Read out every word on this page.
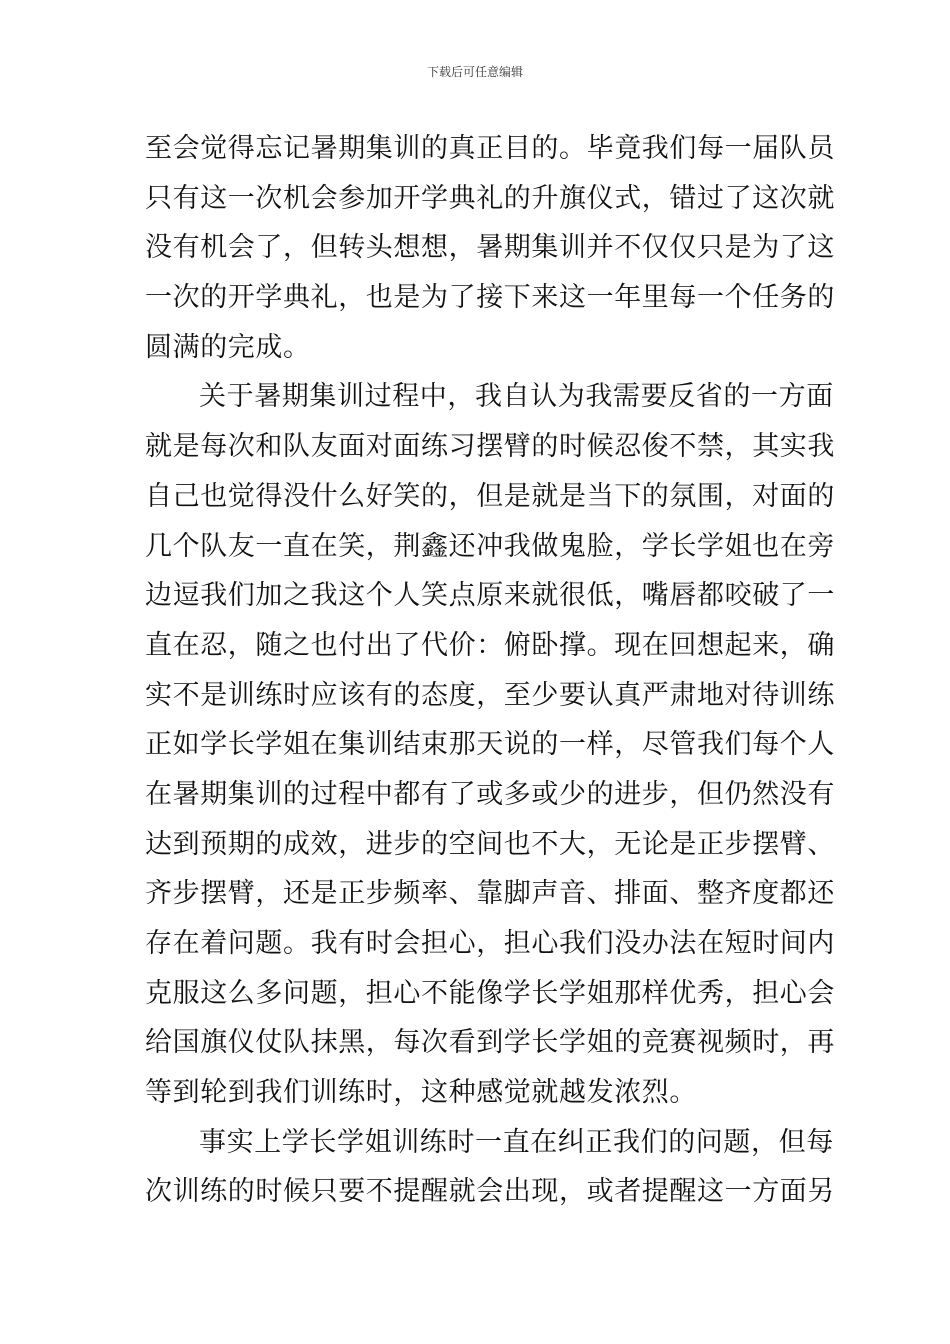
下载后可任意编辑
至会觉得忘记暑期集训的真正目的。毕竟我们每一届队员
只有这一次机会参加开学典礼的升旗仪式，错过了这次就
没有机会了，但转头想想，暑期集训并不仅仅只是为了这
一次的开学典礼，也是为了接下来这一年里每一个任务的
圆满的完成。
关于暑期集训过程中，我自认为我需要反省的一方面
就是每次和队友面对面练习摆臂的时候忍俊不禁，其实我
自己也觉得没什么好笑的，但是就是当下的氛围，对面的
几个队友一直在笑，荆鑫还冲我做鬼脸，学长学姐也在旁
边逗我们加之我这个人笑点原来就很低，嘴唇都咬破了一
直在忍，随之也付出了代价：俯卧撑。现在回想起来，确
实不是训练时应该有的态度，至少要认真严肃地对待训练
正如学长学姐在集训结束那天说的一样，尽管我们每个人
在暑期集训的过程中都有了或多或少的进步，但仍然没有
达到预期的成效，进步的空间也不大，无论是正步摆臂、
齐步摆臂，还是正步频率、靠脚声音、排面、整齐度都还
存在着问题。我有时会担心，担心我们没办法在短时间内
克服这么多问题，担心不能像学长学姐那样优秀，担心会
给国旗仪仗队抹黑，每次看到学长学姐的竞赛视频时，再
等到轮到我们训练时，这种感觉就越发浓烈。
事实上学长学姐训练时一直在纠正我们的问题，但每
次训练的时候只要不提醒就会出现，或者提醒这一方面另
